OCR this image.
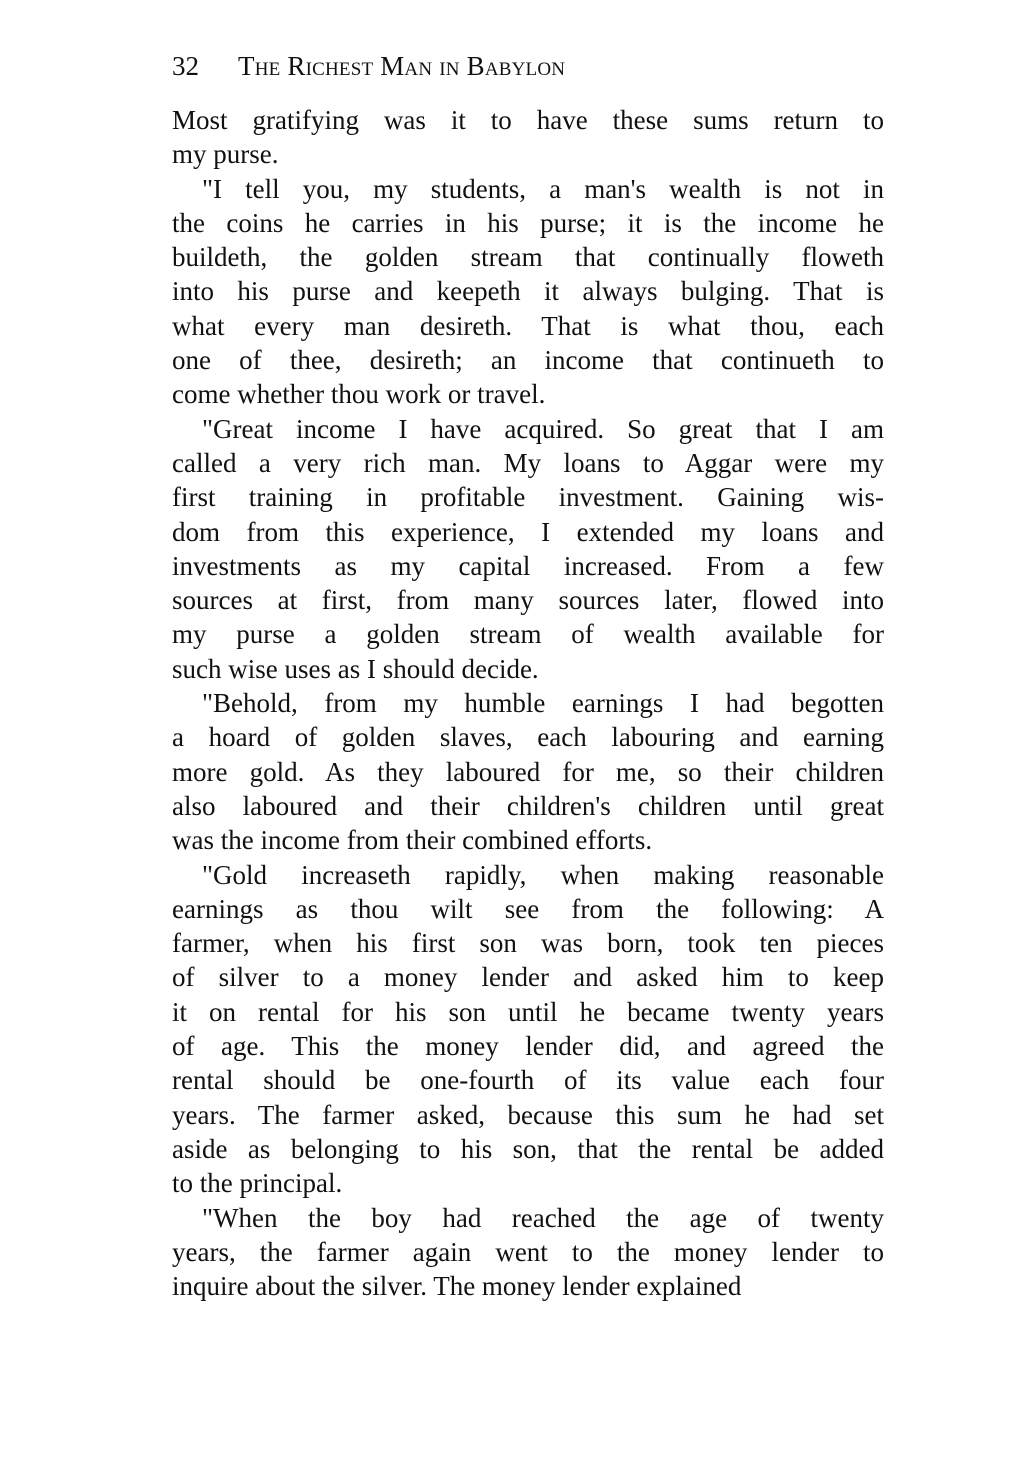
32 The Richest Man in Babylon

Most gratifying was it to have these sums return to

my purse.

"I tell you, my students, a man's wealth is not in

the coins he carries in his purse; it is the income he

buildeth, the golden stream that continually floweth

into his purse and keepeth it always bulging. That is

what every man desireth. That is what thou, each

one of thee, desireth; an income that continueth to

come whether thou work or travel.

"Great income I have acquired. So great that I am

called a very rich man. My loans to Aggar were my

first training in profitable investment. Gaining wis-

dom from this experience, I extended my loans and

investments as my capital increased. From a few

sources at first, from many sources later, flowed into

my purse a golden stream of wealth available for

such wise uses as I should decide.

"Behold, from my humble earnings I had begotten

a hoard of golden slaves, each labouring and earning

more gold. As they laboured for me, so their children

also laboured and their children's children until great

was the income from their combined efforts.

"Gold increaseth rapidly, when making reasonable

earnings as thou wilt see from the following: A

farmer, when his first son was born, took ten pieces

of silver to a money lender and asked him to keep

it on rental for his son until he became twenty years

of age. This the money lender did, and agreed the

rental should be one-fourth of its value each four

years. The farmer asked, because this sum he had set

aside as belonging to his son, that the rental be added

to the principal.

"When the boy had reached the age of twenty

years, the farmer again went to the money lender to

inquire about the silver. The money lender explained
